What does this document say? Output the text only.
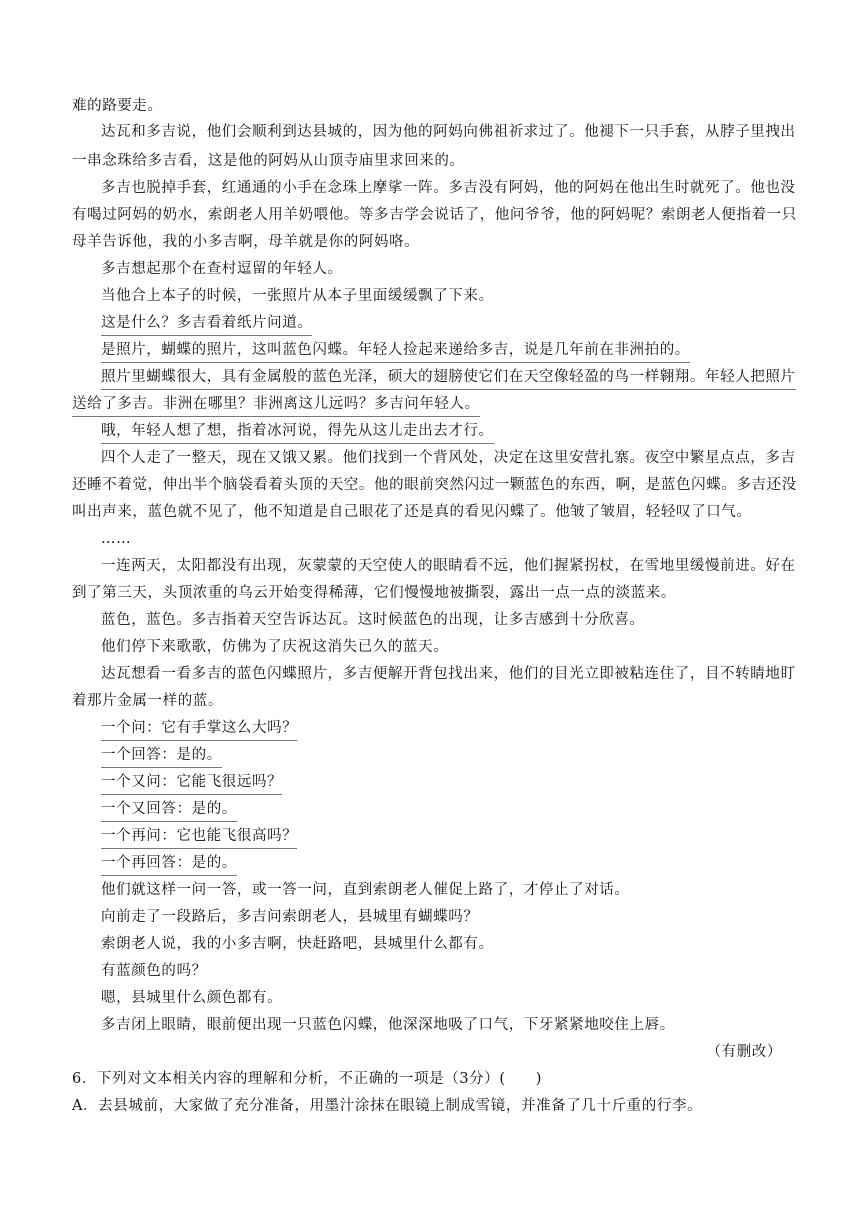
难的路要走。
达瓦和多吉说，他们会顺利到达县城的，因为他的阿妈向佛祖祈求过了。他褪下一只手套，从脖子里拽出
一串念珠给多吉看，这是他的阿妈从山顶寺庙里求回来的。
多吉也脱掉手套，红通通的小手在念珠上摩挲一阵。多吉没有阿妈，他的阿妈在他出生时就死了。他也没
有喝过阿妈的奶水，索朗老人用羊奶喂他。等多吉学会说话了，他问爷爷，他的阿妈呢？索朗老人便指着一只
母羊告诉他，我的小多吉啊，母羊就是你的阿妈咯。
多吉想起那个在查村逗留的年轻人。
当他合上本子的时候，一张照片从本子里面缓缓飘了下来。
这是什么？多吉看着纸片问道。
是照片，蝴蝶的照片，这叫蓝色闪蝶。年轻人捡起来递给多吉，说是几年前在非洲拍的。
照片里蝴蝶很大，具有金属般的蓝色光泽，硕大的翅膀使它们在天空像轻盈的鸟一样翱翔。年轻人把照片
送给了多吉。非洲在哪里？非洲离这儿远吗？多吉问年轻人。
哦，年轻人想了想，指着冰河说，得先从这儿走出去才行。
四个人走了一整天，现在又饿又累。他们找到一个背风处，决定在这里安营扎寨。夜空中繁星点点，多吉
还睡不着觉，伸出半个脑袋看着头顶的天空。他的眼前突然闪过一颗蓝色的东西，啊，是蓝色闪蝶。多吉还没
叫出声来，蓝色就不见了，他不知道是自己眼花了还是真的看见闪蝶了。他皱了皱眉，轻轻叹了口气。
……
一连两天，太阳都没有出现，灰蒙蒙的天空使人的眼睛看不远，他们握紧拐杖，在雪地里缓慢前进。好在
到了第三天，头顶浓重的乌云开始变得稀薄，它们慢慢地被撕裂，露出一点一点的淡蓝来。
蓝色，蓝色。多吉指着天空告诉达瓦。这时候蓝色的出现，让多吉感到十分欣喜。
他们停下来歌歌，仿佛为了庆祝这消失已久的蓝天。
达瓦想看一看多吉的蓝色闪蝶照片，多吉便解开背包找出来，他们的目光立即被粘连住了，目不转睛地盯
着那片金属一样的蓝。
一个问：它有手掌这么大吗？
一个回答：是的。
一个又问：它能飞很远吗？
一个又回答：是的。
一个再问：它也能飞很高吗？
一个再回答：是的。
他们就这样一问一答，或一答一问，直到索朗老人催促上路了，才停止了对话。
向前走了一段路后，多吉问索朗老人，县城里有蝴蝶吗？
索朗老人说，我的小多吉啊，快赶路吧，县城里什么都有。
有蓝颜色的吗？
嗯，县城里什么颜色都有。
多吉闭上眼睛，眼前便出现一只蓝色闪蝶，他深深地吸了口气，下牙紧紧地咬住上唇。
（有删改）
6．下列对文本相关内容的理解和分析，不正确的一项是（3分）(　　)
A．去县城前，大家做了充分准备，用墨汁涂抹在眼镜上制成雪镜，并准备了几十斤重的行李。
